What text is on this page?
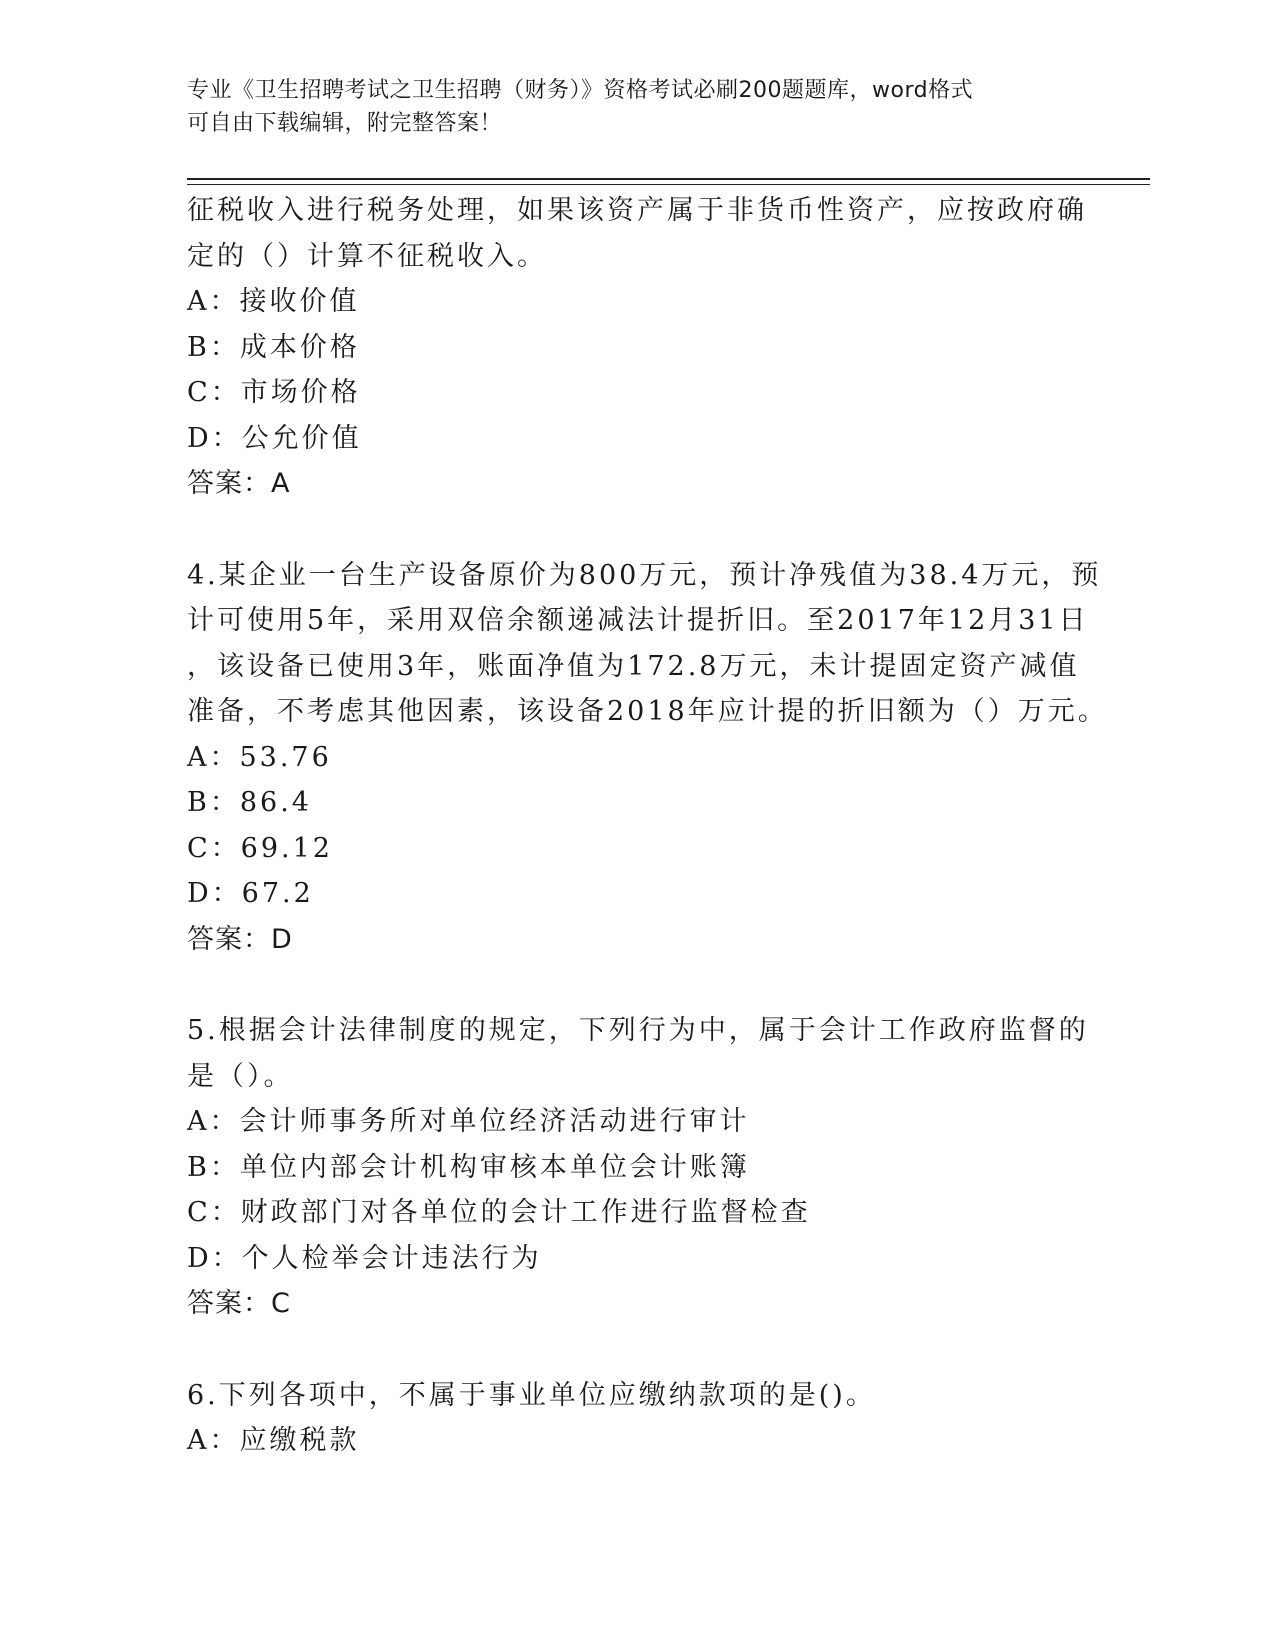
专业《卫生招聘考试之卫生招聘（财务）》资格考试必刷200题题库，word格式
可自由下载编辑，附完整答案！
征税收入进行税务处理，如果该资产属于非货币性资产，应按政府确
定的（）计算不征税收入。
A：接收价值
B：成本价格
C：市场价格
D：公允价值
答案：A
4.某企业一台生产设备原价为800万元，预计净残值为38.4万元，预
计可使用5年，采用双倍余额递减法计提折旧。至2017年12月31日
，该设备已使用3年，账面净值为172.8万元，未计提固定资产减值
准备，不考虑其他因素，该设备2018年应计提的折旧额为（）万元。
A：53.76
B：86.4
C：69.12
D：67.2
答案：D
5.根据会计法律制度的规定，下列行为中，属于会计工作政府监督的
是（）。
A：会计师事务所对单位经济活动进行审计
B：单位内部会计机构审核本单位会计账簿
C：财政部门对各单位的会计工作进行监督检查
D：个人检举会计违法行为
答案：C
6.下列各项中，不属于事业单位应缴纳款项的是()。
A：应缴税款
